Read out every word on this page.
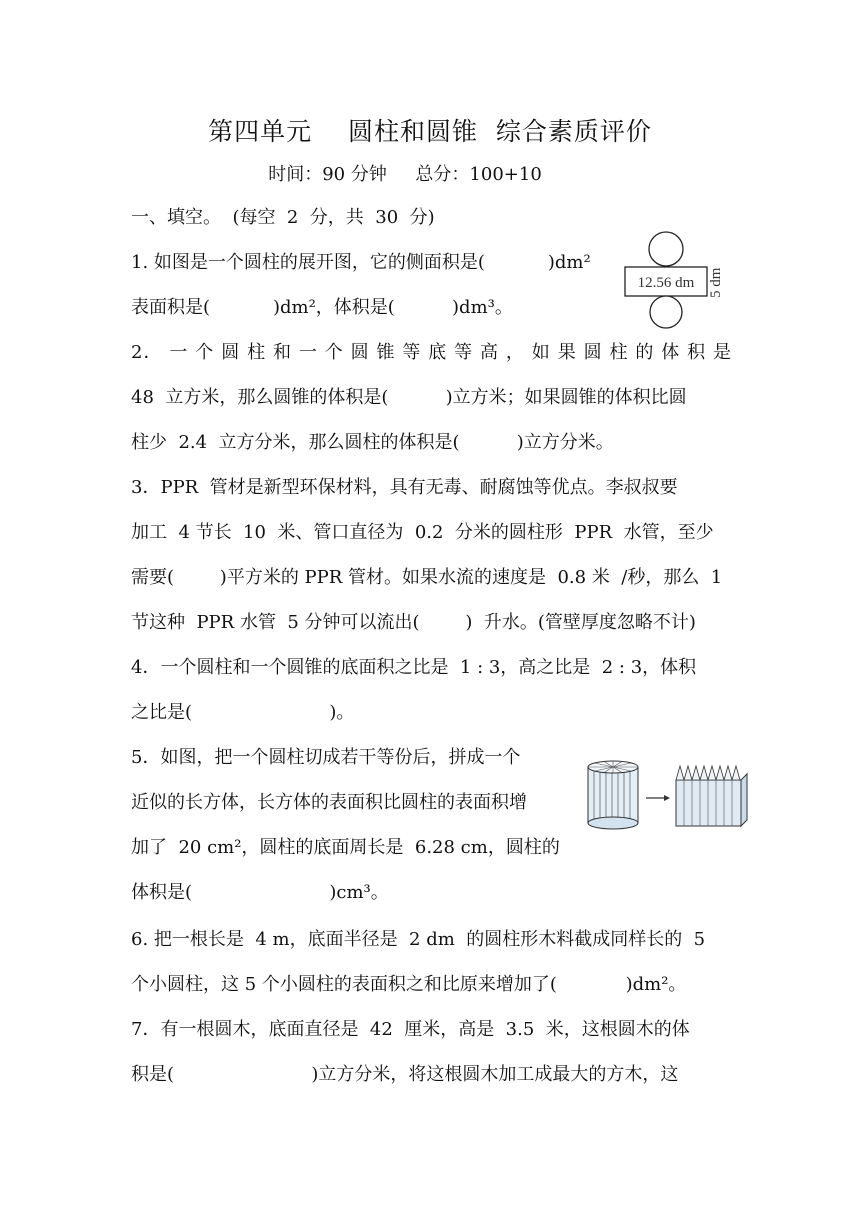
第四单元    圆柱和圆锥  综合素质评价
时间：90 分钟     总分：100+10
一、填空。  (每空  2  分，共  30  分)
1. 如图是一个圆柱的展开图，它的侧面积是(           )dm²
表面积是(           )dm²，体积是(          )dm³。
12.56 dm 5 dm
2． 一 个 圆 柱 和 一 个 圆 锥 等 底 等 高 ， 如 果 圆 柱 的 体 积 是
48  立方米，那么圆锥的体积是(          )立方米；如果圆锥的体积比圆
柱少  2.4  立方分米，那么圆柱的体积是(          )立方分米。
3．PPR  管材是新型环保材料，具有无毒、耐腐蚀等优点。李叔叔要
加工  4 节长  10  米、管口直径为  0.2  分米的圆柱形  PPR  水管，至少
需要(        )平方米的 PPR 管材。如果水流的速度是  0.8 米  /秒，那么  1
节这种  PPR 水管  5 分钟可以流出(        )  升水。(管壁厚度忽略不计)
4．一个圆柱和一个圆锥的底面积之比是  1 : 3，高之比是  2 : 3，体积
之比是(                        )。
5．如图，把一个圆柱切成若干等份后，拼成一个
近似的长方体，长方体的表面积比圆柱的表面积增
加了  20 cm²，圆柱的底面周长是  6.28 cm，圆柱的
体积是(                        )cm³。
6. 把一根长是  4 m，底面半径是  2 dm  的圆柱形木料截成同样长的  5
个小圆柱，这 5 个小圆柱的表面积之和比原来增加了(            )dm²。
7．有一根圆木，底面直径是  42  厘米，高是  3.5  米，这根圆木的体
积是(                        )立方分米，将这根圆木加工成最大的方木，这
